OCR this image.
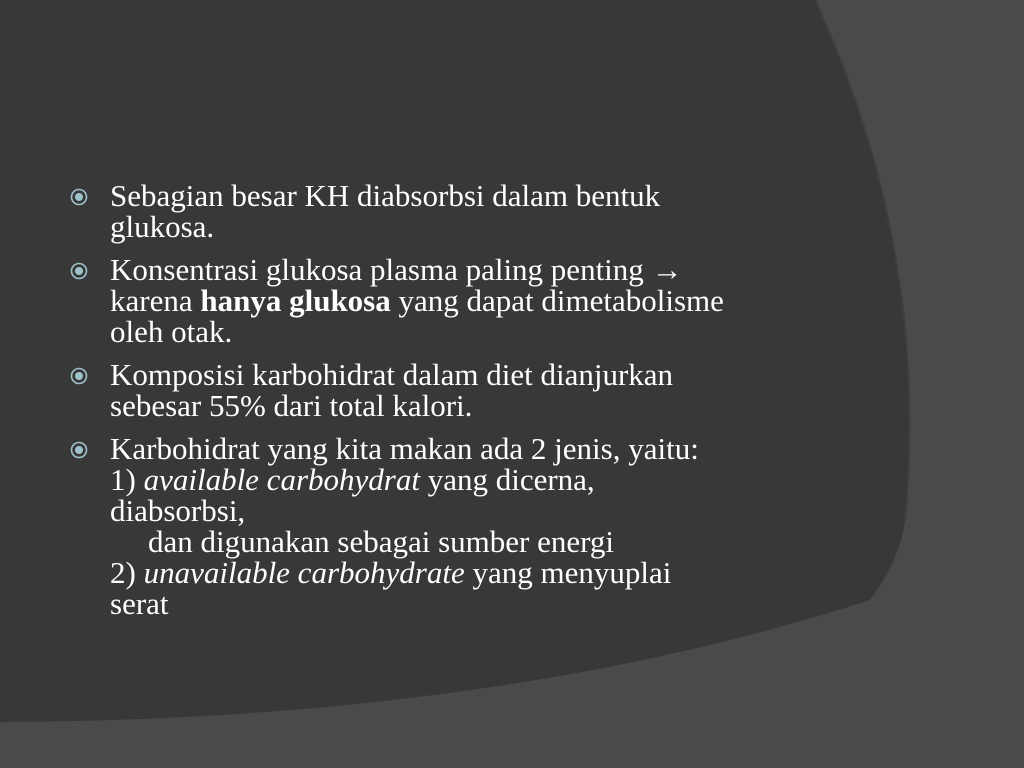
Sebagian besar KH diabsorbsi dalam bentuk
glukosa.
Konsentrasi glukosa plasma paling penting →
karena hanya glukosa yang dapat dimetabolisme
oleh otak.
Komposisi karbohidrat dalam diet dianjurkan
sebesar 55% dari total kalori.
Karbohidrat yang kita makan ada 2 jenis, yaitu:
1) available carbohydrat yang dicerna,
diabsorbsi,
dan digunakan sebagai sumber energi
2) unavailable carbohydrate yang menyuplai
serat
